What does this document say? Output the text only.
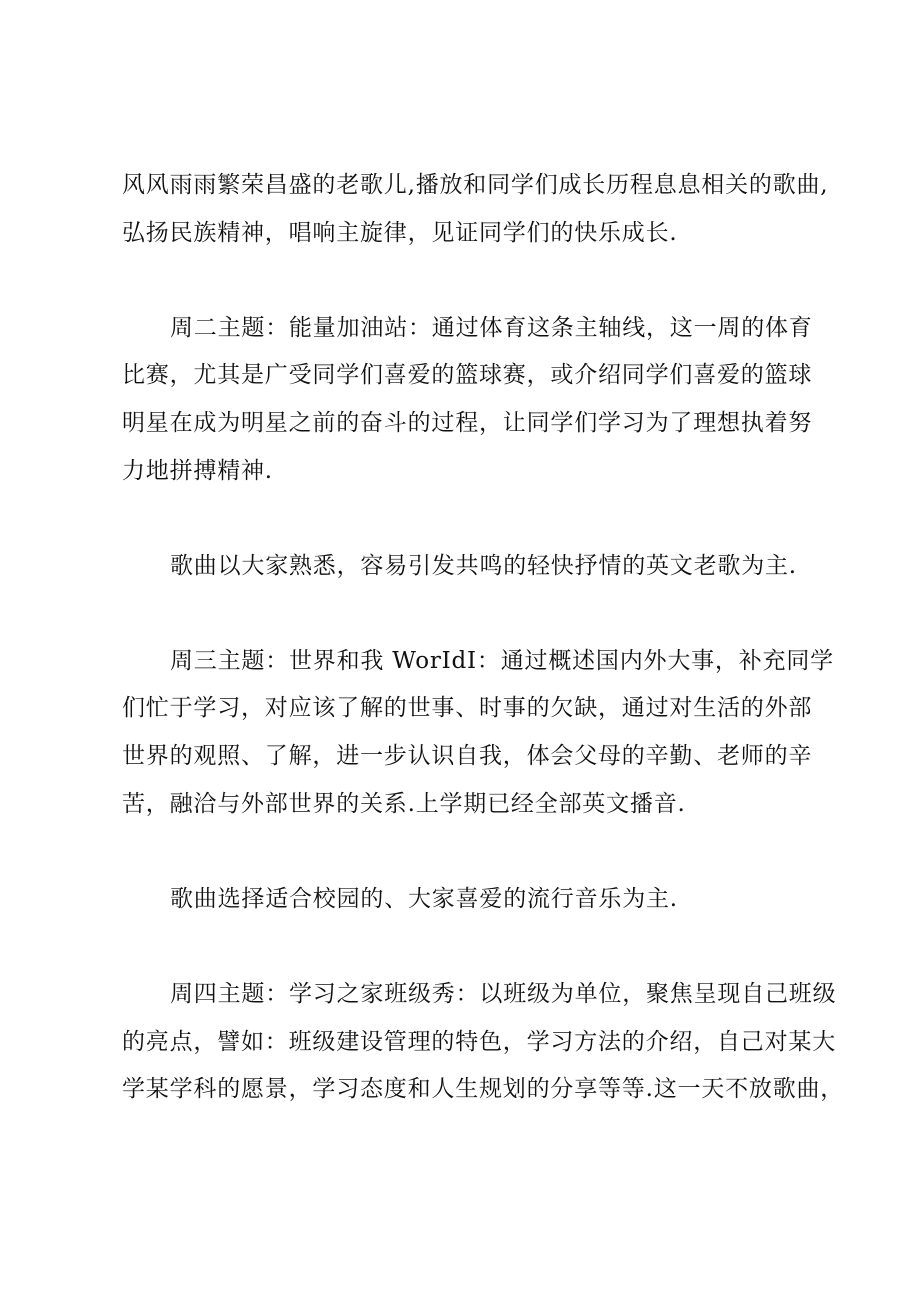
风风雨雨繁荣昌盛的老歌儿,播放和同学们成长历程息息相关的歌曲,
弘扬民族精神，唱响主旋律，见证同学们的快乐成长.
周二主题：能量加油站：通过体育这条主轴线，这一周的体育
比赛，尤其是广受同学们喜爱的篮球赛，或介绍同学们喜爱的篮球
明星在成为明星之前的奋斗的过程，让同学们学习为了理想执着努
力地拼搏精神.
歌曲以大家熟悉，容易引发共鸣的轻快抒情的英文老歌为主.
周三主题：世界和我 WorIdI：通过概述国内外大事，补充同学
们忙于学习，对应该了解的世事、时事的欠缺，通过对生活的外部
世界的观照、了解，进一步认识自我，体会父母的辛勤、老师的辛
苦，融洽与外部世界的关系.上学期已经全部英文播音.
歌曲选择适合校园的、大家喜爱的流行音乐为主.
周四主题：学习之家班级秀：以班级为单位，聚焦呈现自己班级
的亮点，譬如：班级建设管理的特色，学习方法的介绍，自己对某大
学某学科的愿景，学习态度和人生规划的分享等等.这一天不放歌曲，
